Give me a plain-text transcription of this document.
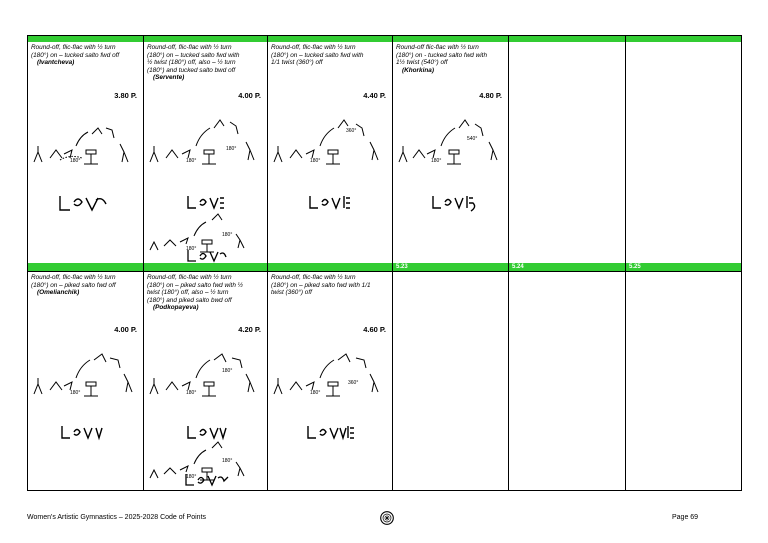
5.23	5.24	5.25
Round-off, flic-flac with ½ turn
(180°) on – tucked salto fwd off
(Ivantcheva)
3.80 P.
180°
Round-off, flic-flac with ½ turn
(180°) on – tucked salto fwd with
½ twist (180°) off, also – ½ turn
(180°) and tucked salto bwd off
(Servente)
4.00 P.
180°
180°
180°
180°
Round-off, flic-flac with ½ turn
(180°) on – tucked salto fwd with
1/1 twist (360°) off
4.40 P.
180°
360°
Round-off flic-flac with ½ turn
(180°) on - tucked salto fwd with
1½ twist (540°) off
(Khorkina)
4.80 P.
180°
540°
Round-off, flic-flac with ½ turn
(180°) on – piked salto fwd off
(Omelianchik)
4.00 P.
180°
Round-off, flic-flac with ½ turn
(180°) on – piked salto fwd with ½
twist (180°) off, also – ½ turn
(180°) and piked salto bwd off
(Podkopayeva)
4.20 P.
180°
180°
180°
180°
Round-off, flic-flac with ½ turn
(180°) on – piked salto fwd with 1/1
twist (360°) off
4.60 P.
180°
360°
Women's Artistic Gymnastics – 2025-2028 Code of Points	Page 69
